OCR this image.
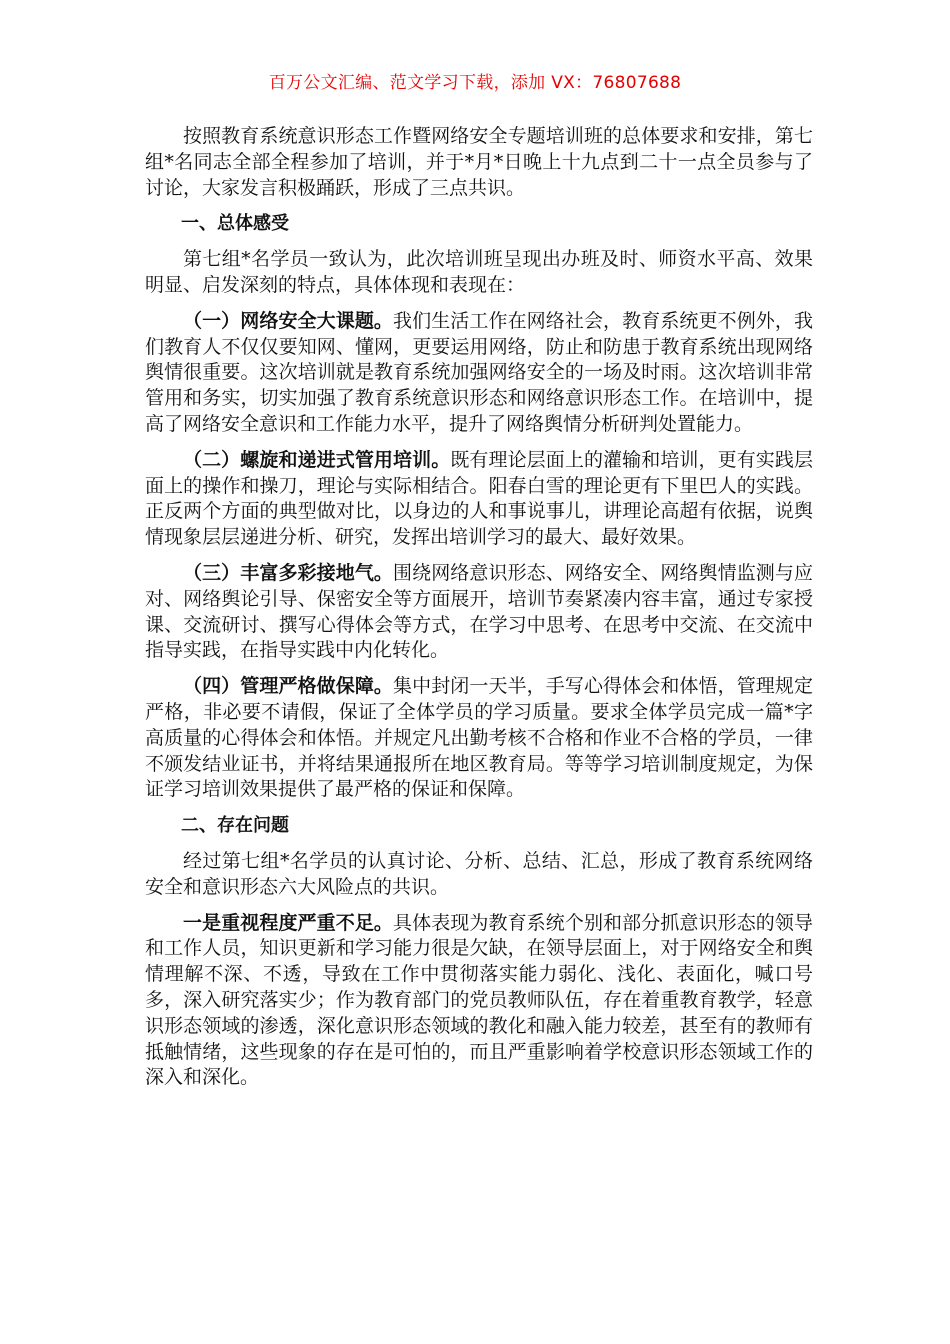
百万公文汇编、范文学习下载，添加 VX：76807688

按照教育系统意识形态工作暨网络安全专题培训班的总体要求和安排，第七组*名同志全部全程参加了培训，并于*月*日晚上十九点到二十一点全员参与了讨论，大家发言积极踊跃，形成了三点共识。

一、总体感受

第七组*名学员一致认为，此次培训班呈现出办班及时、师资水平高、效果明显、启发深刻的特点，具体体现和表现在：

（一）网络安全大课题。我们生活工作在网络社会，教育系统更不例外，我们教育人不仅仅要知网、懂网，更要运用网络，防止和防患于教育系统出现网络舆情很重要。这次培训就是教育系统加强网络安全的一场及时雨。这次培训非常管用和务实，切实加强了教育系统意识形态和网络意识形态工作。在培训中，提高了网络安全意识和工作能力水平，提升了网络舆情分析研判处置能力。

（二）螺旋和递进式管用培训。既有理论层面上的灌输和培训，更有实践层面上的操作和操刀，理论与实际相结合。阳春白雪的理论更有下里巴人的实践。正反两个方面的典型做对比，以身边的人和事说事儿，讲理论高超有依据，说舆情现象层层递进分析、研究，发挥出培训学习的最大、最好效果。

（三）丰富多彩接地气。围绕网络意识形态、网络安全、网络舆情监测与应对、网络舆论引导、保密安全等方面展开，培训节奏紧凑内容丰富，通过专家授课、交流研讨、撰写心得体会等方式，在学习中思考、在思考中交流、在交流中指导实践，在指导实践中内化转化。

（四）管理严格做保障。集中封闭一天半，手写心得体会和体悟，管理规定严格，非必要不请假，保证了全体学员的学习质量。要求全体学员完成一篇*字高质量的心得体会和体悟。并规定凡出勤考核不合格和作业不合格的学员，一律不颁发结业证书，并将结果通报所在地区教育局。等等学习培训制度规定，为保证学习培训效果提供了最严格的保证和保障。

二、存在问题

经过第七组*名学员的认真讨论、分析、总结、汇总，形成了教育系统网络安全和意识形态六大风险点的共识。

一是重视程度严重不足。具体表现为教育系统个别和部分抓意识形态的领导和工作人员，知识更新和学习能力很是欠缺，在领导层面上，对于网络安全和舆情理解不深、不透，导致在工作中贯彻落实能力弱化、浅化、表面化，喊口号多，深入研究落实少；作为教育部门的党员教师队伍，存在着重教育教学，轻意识形态领域的渗透，深化意识形态领域的教化和融入能力较差，甚至有的教师有抵触情绪，这些现象的存在是可怕的，而且严重影响着学校意识形态领域工作的深入和深化。
